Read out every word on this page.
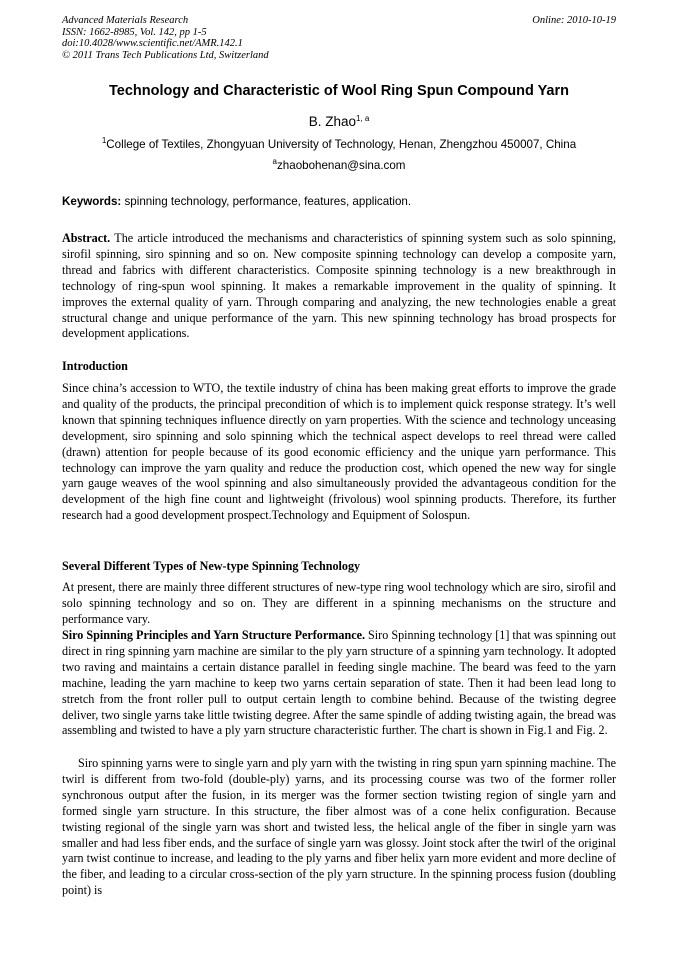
Advanced Materials Research
ISSN: 1662-8985, Vol. 142, pp 1-5
doi:10.4028/www.scientific.net/AMR.142.1
© 2011 Trans Tech Publications Ltd, Switzerland
Online: 2010-10-19
Technology and Characteristic of Wool Ring Spun Compound Yarn
B. Zhao$^{1, a}$
$^1$College of Textiles, Zhongyuan University of Technology, Henan, Zhengzhou 450007, China
$^a$zhaobohenan@sina.com
Keywords: spinning technology, performance, features, application.
Abstract. The article introduced the mechanisms and characteristics of spinning system such as solo spinning, sirofil spinning, siro spinning and so on. New composite spinning technology can develop a composite yarn, thread and fabrics with different characteristics. Composite spinning technology is a new breakthrough in technology of ring-spun wool spinning. It makes a remarkable improvement in the quality of spinning. It improves the external quality of yarn. Through comparing and analyzing, the new technologies enable a great structural change and unique performance of the yarn. This new spinning technology has broad prospects for development applications.
Introduction
Since china’s accession to WTO, the textile industry of china has been making great efforts to improve the grade and quality of the products, the principal precondition of which is to implement quick response strategy. It’s well known that spinning techniques influence directly on yarn properties. With the science and technology unceasing development, siro spinning and solo spinning which the technical aspect develops to reel thread were called (drawn) attention for people because of its good economic efficiency and the unique yarn performance. This technology can improve the yarn quality and reduce the production cost, which opened the new way for single yarn gauge weaves of the wool spinning and also simultaneously provided the advantageous condition for the development of the high fine count and lightweight (frivolous) wool spinning products. Therefore, its further research had a good development prospect.Technology and Equipment of Solospun.
Several Different Types of New-type Spinning Technology
At present, there are mainly three different structures of new-type ring wool technology which are siro, sirofil and solo spinning technology and so on. They are different in a spinning mechanisms on the structure and performance vary.
Siro Spinning Principles and Yarn Structure Performance. Siro Spinning technology [1] that was spinning out direct in ring spinning yarn machine are similar to the ply yarn structure of a spinning yarn technology. It adopted two raving and maintains a certain distance parallel in feeding single machine. The beard was feed to the yarn machine, leading the yarn machine to keep two yarns certain separation of state. Then it had been lead long to stretch from the front roller pull to output certain length to combine behind. Because of the twisting degree deliver, two single yarns take little twisting degree. After the same spindle of adding twisting again, the bread was assembling and twisted to have a ply yarn structure characteristic further. The chart is shown in Fig.1 and Fig. 2.
Siro spinning yarns were to single yarn and ply yarn with the twisting in ring spun yarn spinning machine. The twirl is different from two-fold (double-ply) yarns, and its processing course was two of the former roller synchronous output after the fusion, in its merger was the former section twisting region of single yarn and formed single yarn structure. In this structure, the fiber almost was of a cone helix configuration. Because twisting regional of the single yarn was short and twisted less, the helical angle of the fiber in single yarn was smaller and had less fiber ends, and the surface of single yarn was glossy. Joint stock after the twirl of the original yarn twist continue to increase, and leading to the ply yarns and fiber helix yarn more evident and more decline of the fiber, and leading to a circular cross-section of the ply yarn structure. In the spinning process fusion (doubling point) is
